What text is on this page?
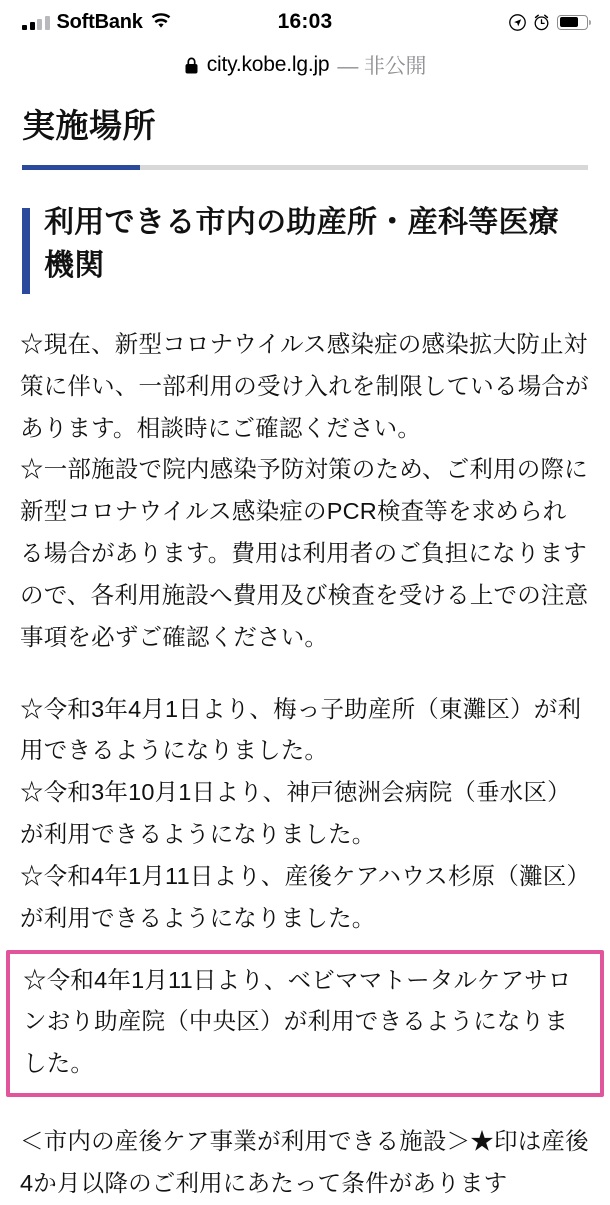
SoftBank	16:03
city.kobe.lg.jp — 非公開
実施場所
利用できる市内の助産所・産科等医療機関

☆現在、新型コロナウイルス感染症の感染拡大防止対策に伴い、一部利用の受け入れを制限している場合があります。相談時にご確認ください。

☆一部施設で院内感染予防対策のため、ご利用の際に新型コロナウイルス感染症のPCR検査等を求められる場合があります。費用は利用者のご負担になりますので、各利用施設へ費用及び検査を受ける上での注意事項を必ずご確認ください。

☆令和3年4月1日より、梅っ子助産所（東灘区）が利用できるようになりました。

☆令和3年10月1日より、神戸徳洲会病院（垂水区）が利用できるようになりました。

☆令和4年1月11日より、産後ケアハウス杉原（灘区）が利用できるようになりました。

☆令和4年1月11日より、ベビママトータルケアサロンおり助産院（中央区）が利用できるようになりました。

＜市内の産後ケア事業が利用できる施設＞★印は産後4か月以降のご利用にあたって条件があります
